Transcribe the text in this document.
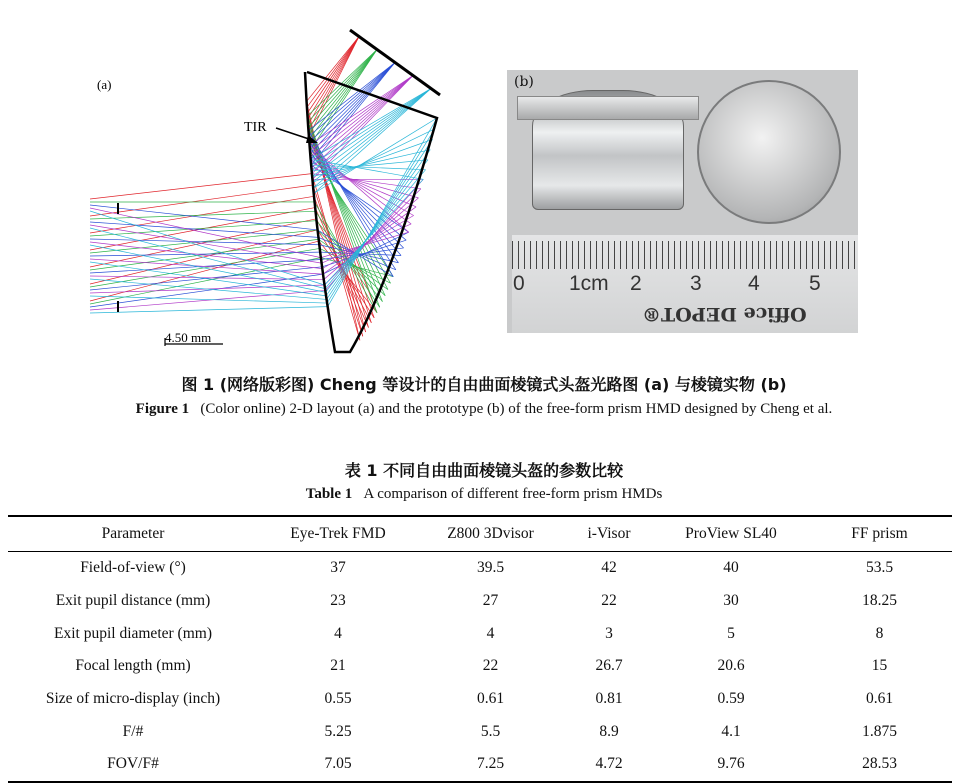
4.50 mm
(a)
TIR
(b)
0 1cm 2 3 4 5
Office DEPOT®
图 1 (网络版彩图) Cheng 等设计的自由曲面棱镜式头盔光路图 (a) 与棱镜实物 (b)
Figure 1 (Color online) 2-D layout (a) and the prototype (b) of the free-form prism HMD designed by Cheng et al.
表 1 不同自由曲面棱镜头盔的参数比较
Table 1 A comparison of different free-form prism HMDs
Parameter	Eye-Trek FMD	Z800 3Dvisor	i-Visor	ProView SL40	FF prism
Field-of-view (°)	37	39.5	42	40	53.5
Exit pupil distance (mm)	23	27	22	30	18.25
Exit pupil diameter (mm)	4	4	3	5	8
Focal length (mm)	21	22	26.7	20.6	15
Size of micro-display (inch)	0.55	0.61	0.81	0.59	0.61
F/#	5.25	5.5	8.9	4.1	1.875
FOV/F#	7.05	7.25	4.72	9.76	28.53
